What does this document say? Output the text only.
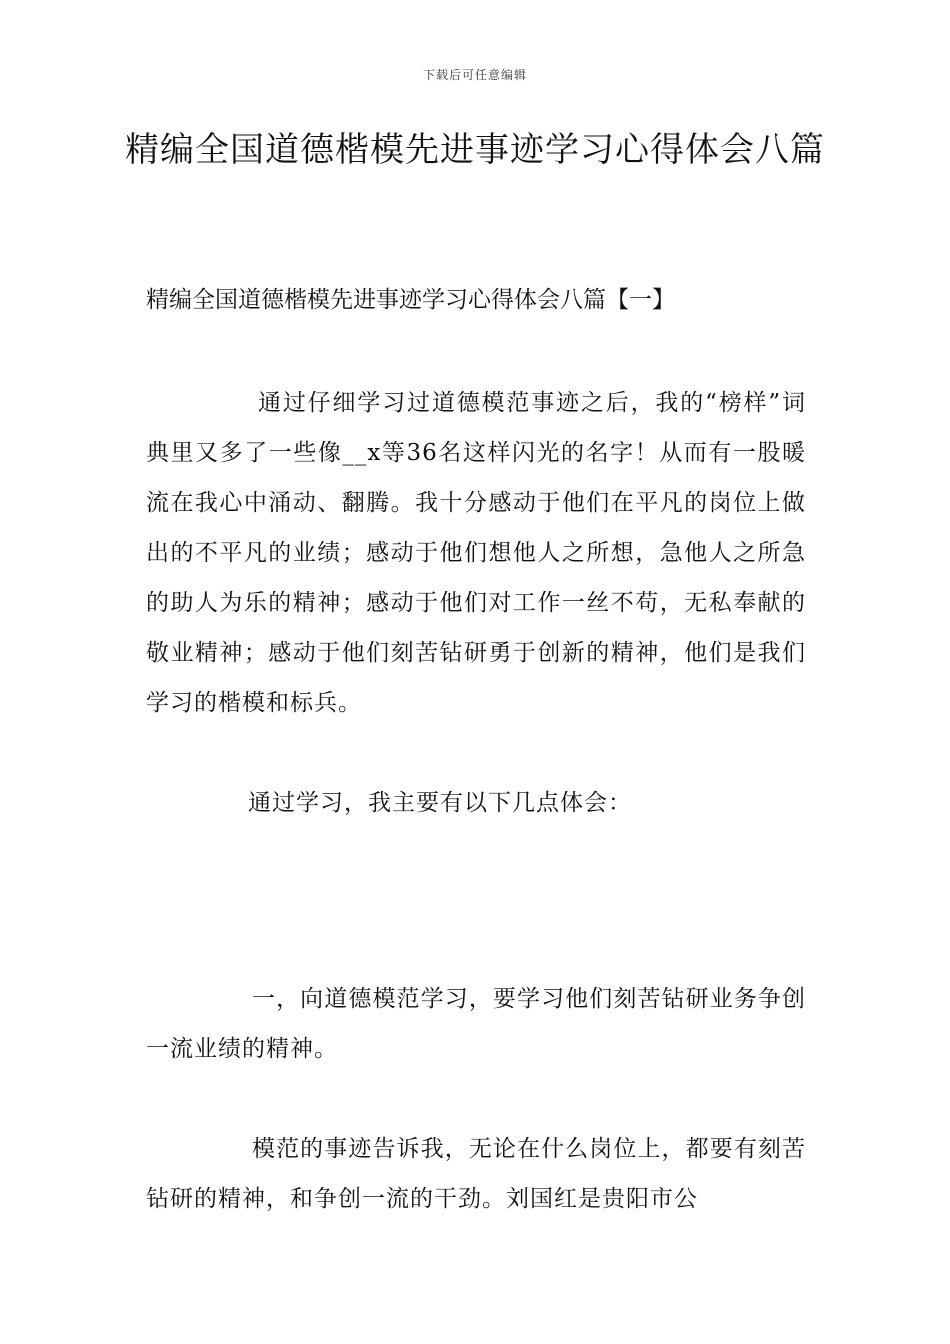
下载后可任意编辑
精编全国道德楷模先进事迹学习心得体会八篇
精编全国道德楷模先进事迹学习心得体会八篇【一】

通过仔细学习过道德模范事迹之后，我的“榜样”词典里又多了一些像__x等36名这样闪光的名字！从而有一股暖流在我心中涌动、翻腾。我十分感动于他们在平凡的岗位上做出的不平凡的业绩；感动于他们想他人之所想，急他人之所急的助人为乐的精神；感动于他们对工作一丝不苟，无私奉献的敬业精神；感动于他们刻苦钻研勇于创新的精神，他们是我们学习的楷模和标兵。

通过学习，我主要有以下几点体会：

一，向道德模范学习，要学习他们刻苦钻研业务争创一流业绩的精神。

模范的事迹告诉我，无论在什么岗位上，都要有刻苦钻研的精神，和争创一流的干劲。刘国红是贵阳市公
